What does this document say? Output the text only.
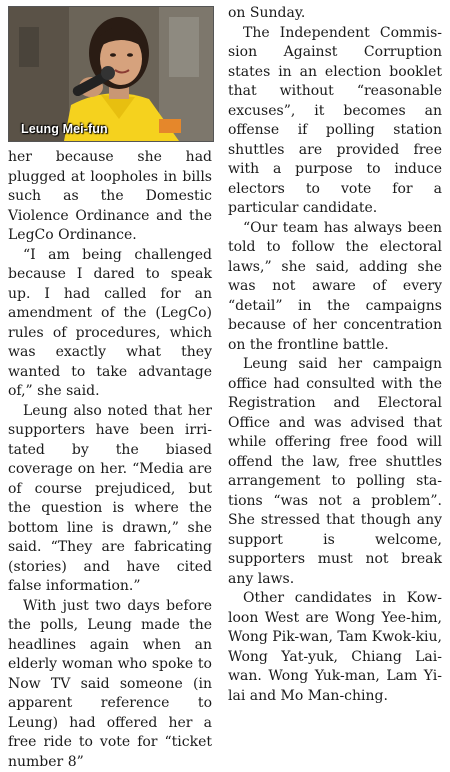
Leung Mei-fun

her because she had plugged at loopholes in bills such as the Domestic Violence Ordinance and the LegCo Ordinance.

“I am being challenged because I dared to speak up. I had called for an amendment of the (LegCo) rules of procedures, which was exactly what they wanted to take advantage of,” she said.

Leung also noted that her supporters have been irritated by the biased coverage on her. “Media are of course prejudiced, but the question is where the bottom line is drawn,” she said. “They are fabricating (stories) and have cited false information.”

With just two days before the polls, Leung made the headlines again when an elderly woman who spoke to Now TV said someone (in apparent reference to Leung) had offered her a free ride to vote for “ticket number 8”

on Sunday.

The Independent Commission Against Corruption states in an election booklet that without “reasonable excuses”, it becomes an offense if polling station shuttles are provided free with a purpose to induce electors to vote for a particular candidate.

“Our team has always been told to follow the electoral laws,” she said, adding she was not aware of every “detail” in the campaigns because of her concentration on the frontline battle.

Leung said her campaign office had consulted with the Registration and Electoral Office and was advised that while offering free food will offend the law, free shuttles arrangement to polling stations “was not a problem”. She stressed that though any support is welcome, supporters must not break any laws.

Other candidates in Kowloon West are Wong Yee-him, Wong Pik-wan, Tam Kwok-kiu, Wong Yat-yuk, Chiang Lai-wan. Wong Yuk-man, Lam Yi-lai and Mo Man-ching.
